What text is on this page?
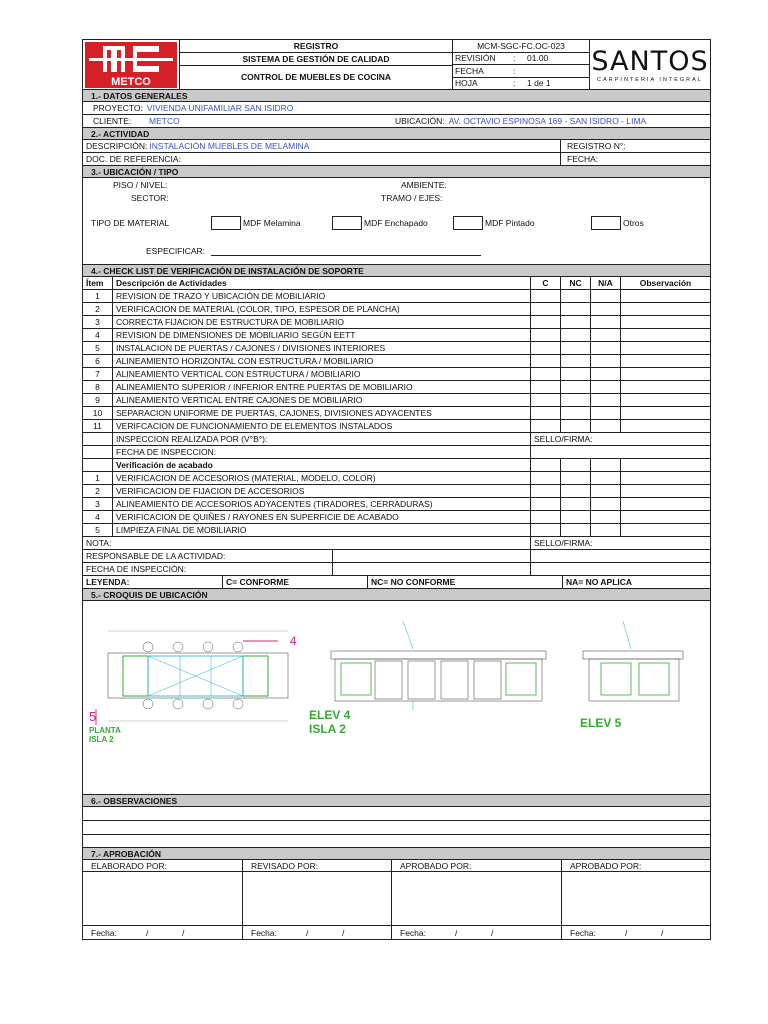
METCO
REGISTRO
SISTEMA DE GESTIÓN DE CALIDAD
CONTROL DE MUEBLES DE COCINA
MCM-SGC-FC.OC-023
REVISIÓN	:	01.00
FECHA	:
HOJA	:	1 de 1
SANTOS
CARPINTERIA INTEGRAL
1.- DATOS GENERALES
PROYECTO: VIVIENDA UNIFAMILIAR SAN ISIDRO
CLIENTE:	METCO	UBICACIÓN: AV. OCTAVIO ESPINOSA 169 - SAN ISIDRO - LIMA
2.- ACTIVIDAD
DESCRIPCIÓN: INSTALACIÓN MUEBLES DE MELAMINA	REGISTRO N°:
DOC. DE REFERENCIA:	FECHA:
3.- UBICACIÓN / TIPO
PISO / NIVEL:	AMBIENTE:
SECTOR:	TRAMO / EJES:
TIPO DE MATERIAL	MDF Melamina	MDF Enchapado	MDF Pintado	Otros
ESPECIFICAR:
4.- CHECK LIST DE VERIFICACIÓN DE INSTALACIÓN DE SOPORTE
Ítem	Descripción de Actividades	C	NC	N/A	Observación
1	REVISION DE TRAZO Y UBICACIÓN DE MOBILIARIO
2	VERIFICACION DE MATERIAL (COLOR, TIPO, ESPESOR DE PLANCHA)
3	CORRECTA FIJACION DE ESTRUCTURA DE MOBILIARIO
4	REVISION DE DIMENSIONES DE MOBILIARIO SEGÚN EETT
5	INSTALACION DE PUERTAS / CAJONES / DIVISIONES INTERIORES
6	ALINEAMIENTO HORIZONTAL CON ESTRUCTURA / MOBILIARIO
7	ALINEAMIENTO VERTICAL CON ESTRUCTURA / MOBILIARIO
8	ALINEAMIENTO SUPERIOR / INFERIOR ENTRE PUERTAS DE MOBILIARIO
9	ALINEAMIENTO VERTICAL ENTRE CAJONES DE MOBILIARIO
10	SEPARACION UNIFORME DE PUERTAS, CAJONES, DIVISIONES ADYACENTES
11	VERIFCACION DE FUNCIONAMIENTO DE ELEMENTOS INSTALADOS
INSPECCION REALIZADA POR (V°B°):	SELLO/FIRMA:
FECHA DE INSPECCION:
Verificación de acabado
1	VERIFICACION DE ACCESORIOS (MATERIAL, MODELO, COLOR)
2	VERIFICACION DE FIJACION DE ACCESORIOS
3	ALINEAMIENTO DE ACCESORIOS ADYACENTES (TIRADORES, CERRADURAS)
4	VERIFICACION DE QUIÑES / RAYONES EN SUPERFICIE DE ACABADO
5	LIMPIEZA FINAL DE MOBILIARIO
NOTA:	SELLO/FIRMA:
RESPONSABLE DE LA ACTIVIDAD:
FECHA DE INSPECCIÓN:
LEYENDA:	C= CONFORME	NC= NO CONFORME	NA= NO APLICA
5.- CROQUIS DE UBICACIÓN
4
5
PLANTA
ISLA 2
ELEV 4
ISLA 2	ELEV 5
6.- OBSERVACIONES
7.- APROBACIÓN
ELABORADO POR:
Fecha:	/	/
REVISADO POR:
Fecha:	/	/
APROBADO POR:
Fecha:	/	/
APROBADO POR:
Fecha:	/	/
